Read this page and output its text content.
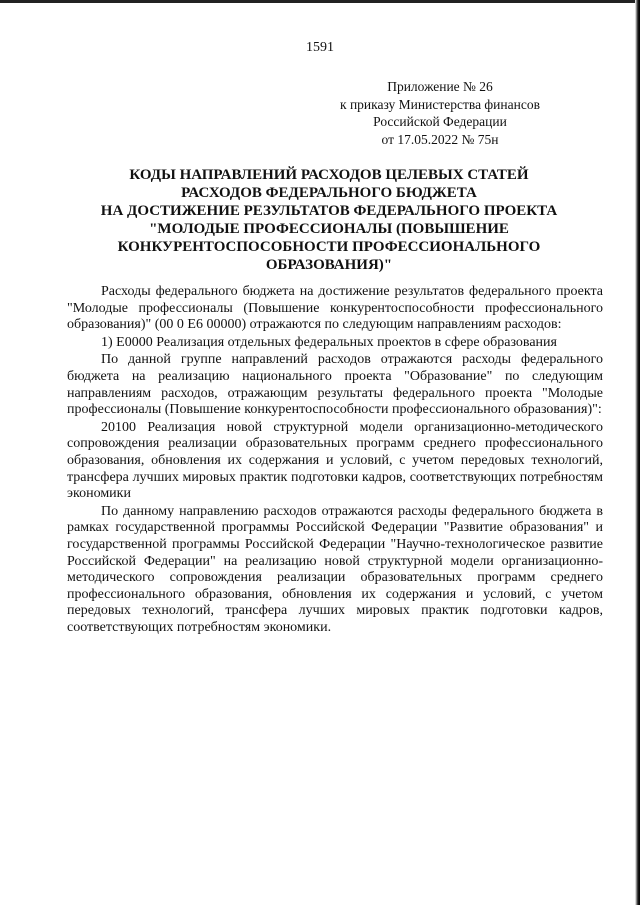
1591
Приложение № 26
к приказу Министерства финансов
Российской Федерации
от 17.05.2022 № 75н
КОДЫ НАПРАВЛЕНИЙ РАСХОДОВ ЦЕЛЕВЫХ СТАТЕЙ
РАСХОДОВ ФЕДЕРАЛЬНОГО БЮДЖЕТА
НА ДОСТИЖЕНИЕ РЕЗУЛЬТАТОВ ФЕДЕРАЛЬНОГО ПРОЕКТА
"МОЛОДЫЕ ПРОФЕССИОНАЛЫ (ПОВЫШЕНИЕ
КОНКУРЕНТОСПОСОБНОСТИ ПРОФЕССИОНАЛЬНОГО
ОБРАЗОВАНИЯ)"

Расходы федерального бюджета на достижение результатов федерального проекта "Молодые профессионалы (Повышение конкурентоспособности профессионального образования)" (00 0 E6 00000) отражаются по следующим направлениям расходов:

1) E0000 Реализация отдельных федеральных проектов в сфере образования

По данной группе направлений расходов отражаются расходы федерального бюджета на реализацию национального проекта "Образование" по следующим направлениям расходов, отражающим результаты федерального проекта "Молодые профессионалы (Повышение конкурентоспособности профессионального образования)":

20100 Реализация новой структурной модели организационно-методического сопровождения реализации образовательных программ среднего профессионального образования, обновления их содержания и условий, с учетом передовых технологий, трансфера лучших мировых практик подготовки кадров, соответствующих потребностям экономики

По данному направлению расходов отражаются расходы федерального бюджета в рамках государственной программы Российской Федерации "Развитие образования" и государственной программы Российской Федерации "Научно-технологическое развитие Российской Федерации" на реализацию новой структурной модели организационно-методического сопровождения реализации образовательных программ среднего профессионального образования, обновления их содержания и условий, с учетом передовых технологий, трансфера лучших мировых практик подготовки кадров, соответствующих потребностям экономики.
